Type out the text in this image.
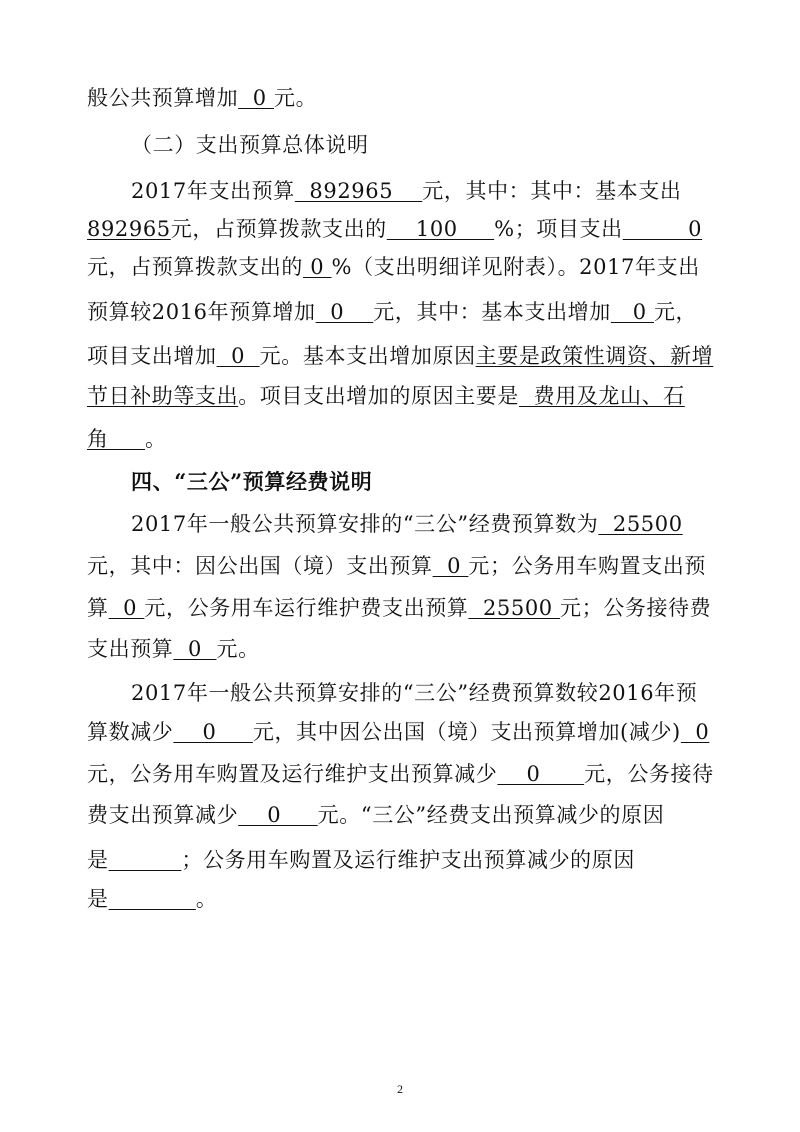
般公共预算增加  0 元。
（二）支出预算总体说明
2017年支出预算  892965    元，其中：其中：基本支出
892965元，占预算拨款支出的    100     %；项目支出         0
元，占预算拨款支出的 0 %（支出明细详见附表）。2017年支出
预算较2016年预算增加  0    元，其中：基本支出增加   0 元，
项目支出增加  0  元。基本支出增加原因主要是政策性调资、新增
节日补助等支出。项目支出增加的原因主要是  费用及龙山、石
角     。
四、“三公”预算经费说明
2017年一般公共预算安排的“三公”经费预算数为  25500
元，其中：因公出国（境）支出预算  0 元；公务用车购置支出预
算  0 元，公务用车运行维护费支出预算  25500 元；公务接待费
支出预算  0  元。
2017年一般公共预算安排的“三公”经费预算数较2016年预
算数减少    0     元，其中因公出国（境）支出预算增加(减少)  0
元，公务用车购置及运行维护支出预算减少    0      元，公务接待
费支出预算减少    0     元。“三公”经费支出预算减少的原因
是	；公务用车购置及运行维护支出预算减少的原因
是	。
2
